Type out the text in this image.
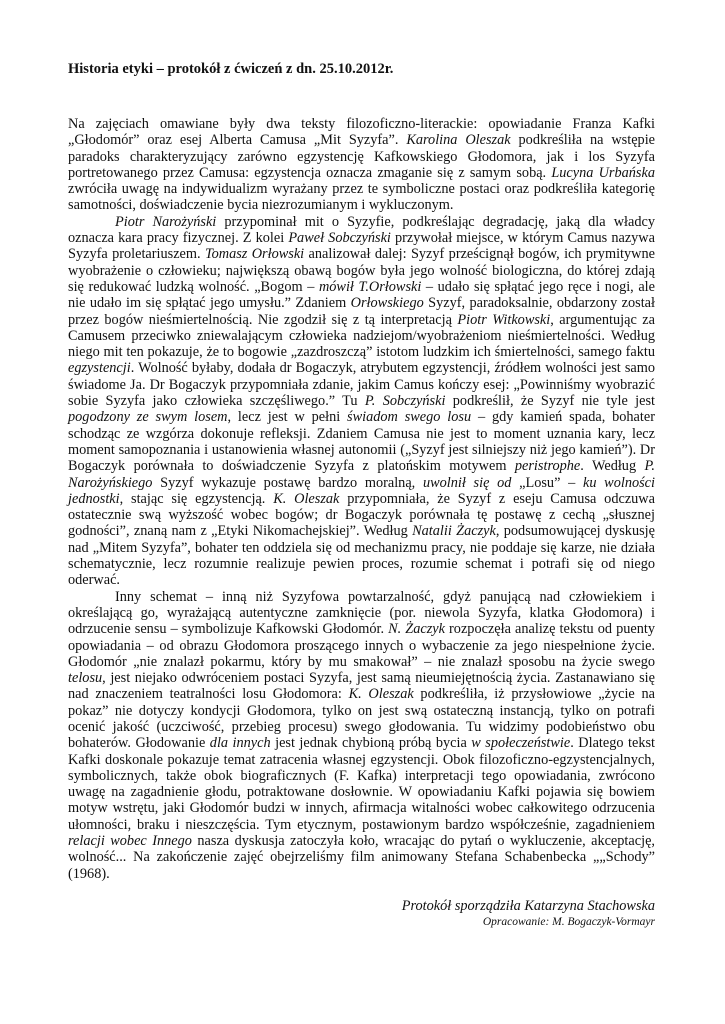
Historia etyki – protokół z ćwiczeń z dn. 25.10.2012r.

Na zajęciach omawiane były dwa teksty filozoficzno-literackie: opowiadanie Franza Kafki „Głodomór” oraz esej Alberta Camusa „Mit Syzyfa”. Karolina Oleszak podkreśliła na wstępie paradoks charakteryzujący zarówno egzystencję Kafkowskiego Głodomora, jak i los Syzyfa portretowanego przez Camusa: egzystencja oznacza zmaganie się z samym sobą. Lucyna Urbańska zwróciła uwagę na indywidualizm wyrażany przez te symboliczne postaci oraz podkreśliła kategorię samotności, doświadczenie bycia niezrozumianym i wykluczonym.

Piotr Narożyński przypominał mit o Syzyfie, podkreślając degradację, jaką dla władcy oznacza kara pracy fizycznej. Z kolei Paweł Sobczyński przywołał miejsce, w którym Camus nazywa Syzyfa proletariuszem. Tomasz Orłowski analizował dalej: Syzyf prześcignął bogów, ich prymitywne wyobrażenie o człowieku; największą obawą bogów była jego wolność biologiczna, do której zdają się redukować ludzką wolność. „Bogom – mówił T.Orłowski – udało się spłątać jego ręce i nogi, ale nie udało im się spłątać jego umysłu.” Zdaniem Orłowskiego Syzyf, paradoksalnie, obdarzony został przez bogów nieśmiertelnością. Nie zgodził się z tą interpretacją Piotr Witkowski, argumentując za Camusem przeciwko zniewalającym człowieka nadziejom/wyobrażeniom nieśmiertelności. Według niego mit ten pokazuje, że to bogowie „zazdroszczą” istotom ludzkim ich śmiertelności, samego faktu egzystencji. Wolność byłaby, dodała dr Bogaczyk, atrybutem egzystencji, źródłem wolności jest samo świadome Ja. Dr Bogaczyk przypomniała zdanie, jakim Camus kończy esej: „Powinniśmy wyobrazić sobie Syzyfa jako człowieka szczęśliwego.” Tu P. Sobczyński podkreślił, że Syzyf nie tyle jest pogodzony ze swym losem, lecz jest w pełni świadom swego losu – gdy kamień spada, bohater schodząc ze wzgórza dokonuje refleksji. Zdaniem Camusa nie jest to moment uznania kary, lecz moment samopoznania i ustanowienia własnej autonomii („Syzyf jest silniejszy niż jego kamień”). Dr Bogaczyk porównała to doświadczenie Syzyfa z platońskim motywem peristrophe. Według P. Narożyńskiego Syzyf wykazuje postawę bardzo moralną, uwolnił się od „Losu” – ku wolności jednostki, stając się egzystencją. K. Oleszak przypomniała, że Syzyf z eseju Camusa odczuwa ostatecznie swą wyższość wobec bogów; dr Bogaczyk porównała tę postawę z cechą „słusznej godności”, znaną nam z „Etyki Nikomachejskiej”. Według Natalii Żaczyk, podsumowującej dyskusję nad „Mitem Syzyfa”, bohater ten oddziela się od mechanizmu pracy, nie poddaje się karze, nie działa schematycznie, lecz rozumnie realizuje pewien proces, rozumie schemat i potrafi się od niego oderwać.

Inny schemat – inną niż Syzyfowa powtarzalność, gdyż panującą nad człowiekiem i określającą go, wyrażającą autentyczne zamknięcie (por. niewola Syzyfa, klatka Głodomora) i odrzucenie sensu – symbolizuje Kafkowski Głodomór. N. Żaczyk rozpoczęła analizę tekstu od puenty opowiadania – od obrazu Głodomora proszącego innych o wybaczenie za jego niespełnione życie. Głodomór „nie znalazł pokarmu, który by mu smakował” – nie znalazł sposobu na życie swego telosu, jest niejako odwróceniem postaci Syzyfa, jest samą nieumiejętnością życia. Zastanawiano się nad znaczeniem teatralności losu Głodomora: K. Oleszak podkreśliła, iż przysłowiowe „życie na pokaz” nie dotyczy kondycji Głodomora, tylko on jest swą ostateczną instancją, tylko on potrafi ocenić jakość (uczciwość, przebieg procesu) swego głodowania. Tu widzimy podobieństwo obu bohaterów. Głodowanie dla innych jest jednak chybioną próbą bycia w społeczeństwie. Dlatego tekst Kafki doskonale pokazuje temat zatracenia własnej egzystencji. Obok filozoficzno-egzystencjalnych, symbolicznych, także obok biograficznych (F. Kafka) interpretacji tego opowiadania, zwrócono uwagę na zagadnienie głodu, potraktowane dosłownie. W opowiadaniu Kafki pojawia się bowiem motyw wstrętu, jaki Głodomór budzi w innych, afirmacja witalności wobec całkowitego odrzucenia ułomności, braku i nieszczęścia. Tym etycznym, postawionym bardzo współcześnie, zagadnieniem relacji wobec Innego nasza dyskusja zatoczyła koło, wracając do pytań o wykluczenie, akceptację, wolność... Na zakończenie zajęć obejrzeliśmy film animowany Stefana Schabenbecka „„Schody” (1968).

Protokół sporządziła Katarzyna Stachowska
Opracowanie: M. Bogaczyk-Vormayr
